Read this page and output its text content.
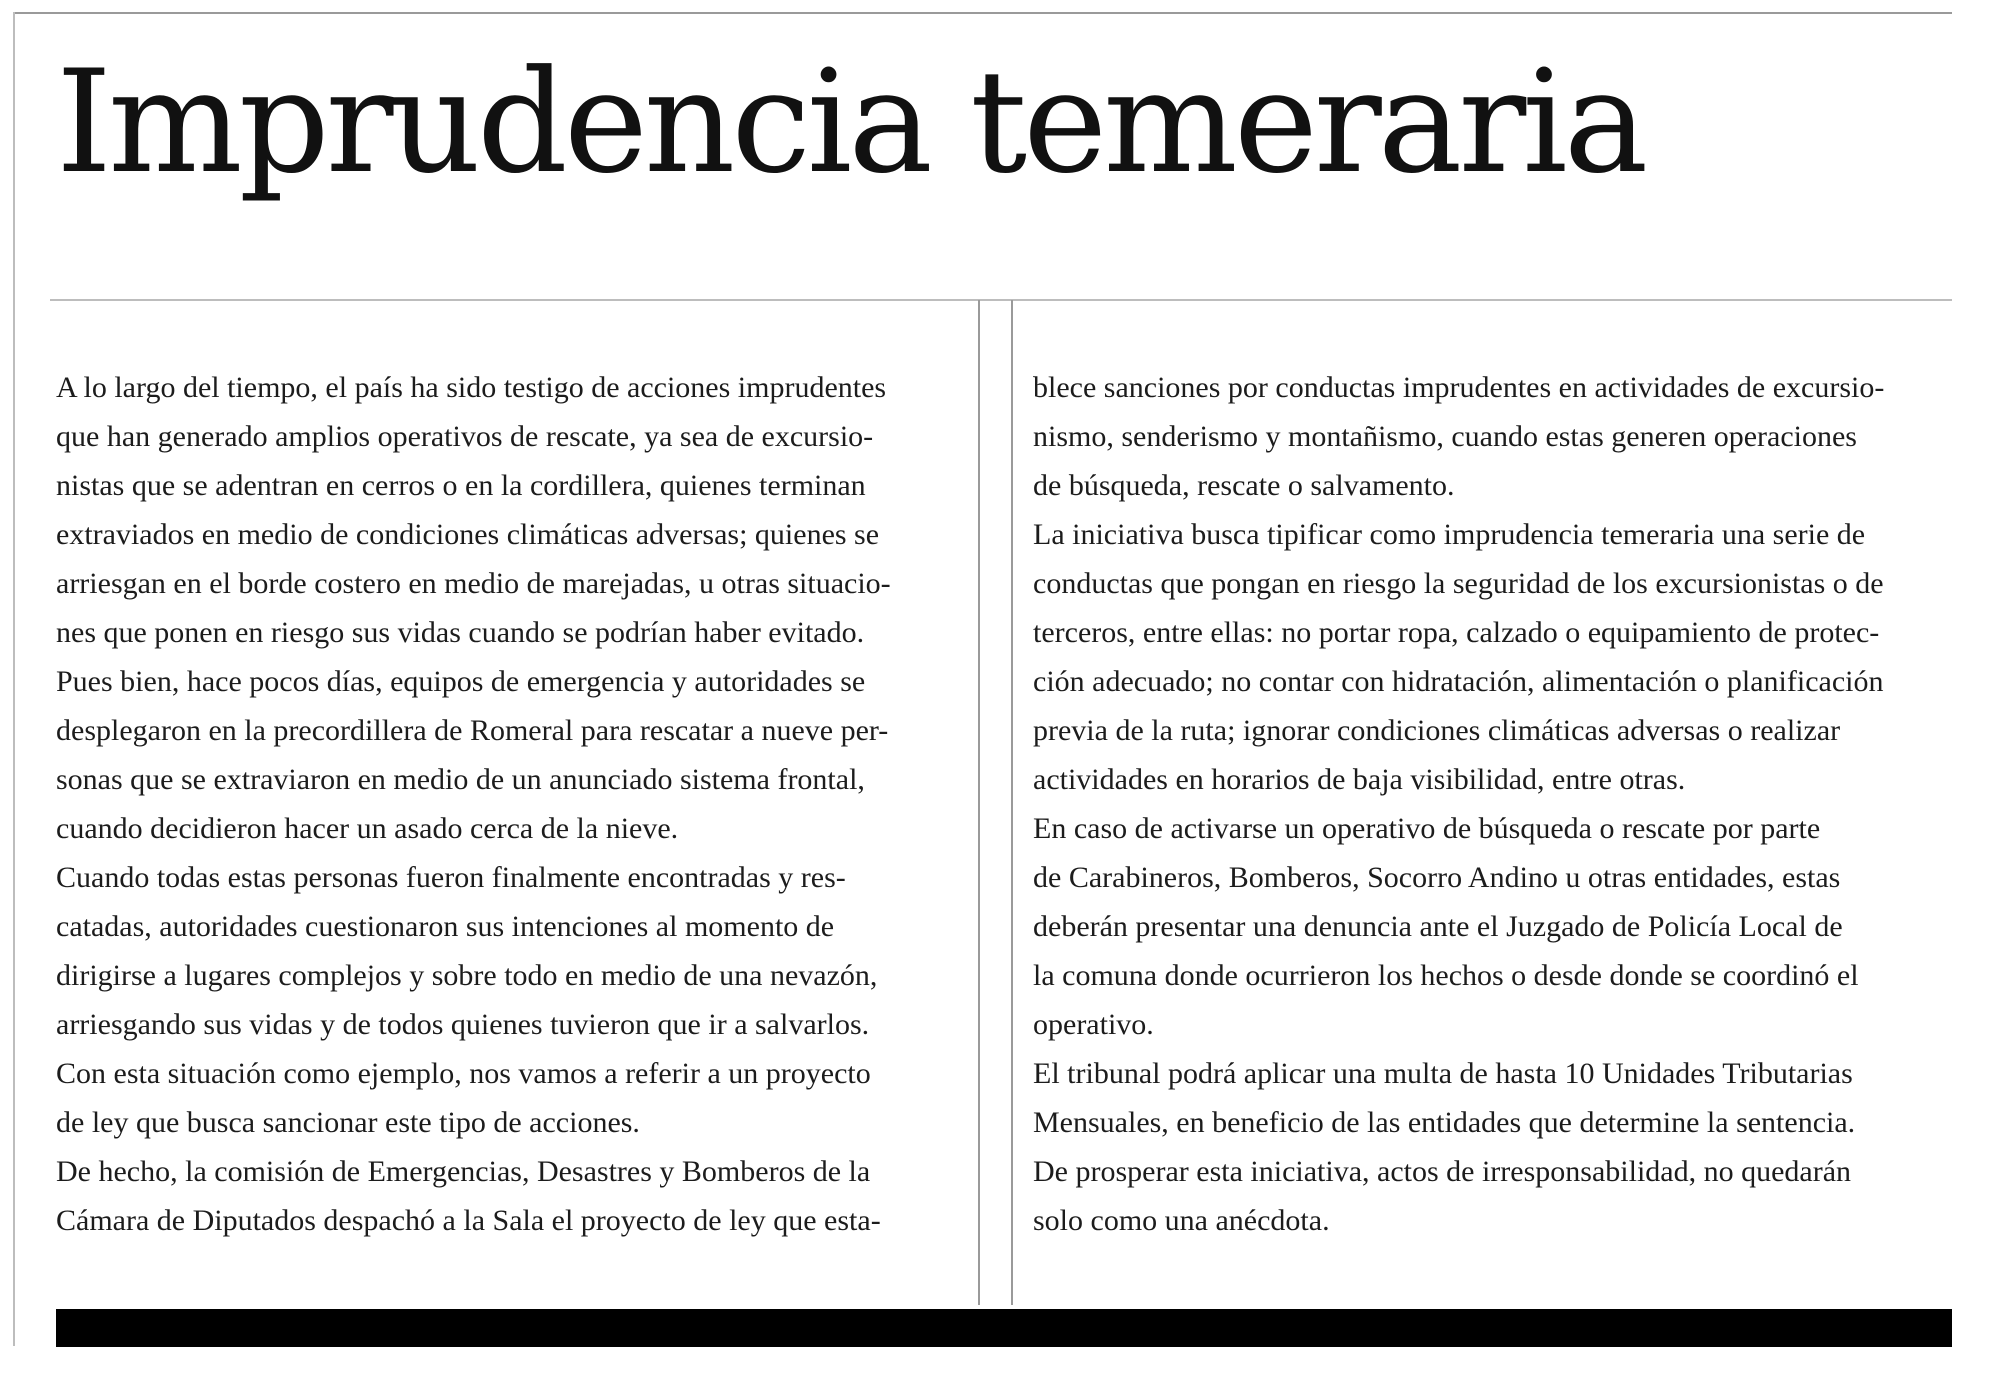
Imprudencia temeraria
A lo largo del tiempo, el país ha sido testigo de acciones imprudentes
que han generado amplios operativos de rescate, ya sea de excursio-
nistas que se adentran en cerros o en la cordillera, quienes terminan
extraviados en medio de condiciones climáticas adversas; quienes se
arriesgan en el borde costero en medio de marejadas, u otras situacio-
nes que ponen en riesgo sus vidas cuando se podrían haber evitado.
Pues bien, hace pocos días, equipos de emergencia y autoridades se
desplegaron en la precordillera de Romeral para rescatar a nueve per-
sonas que se extraviaron en medio de un anunciado sistema frontal,
cuando decidieron hacer un asado cerca de la nieve.
Cuando todas estas personas fueron finalmente encontradas y res-
catadas, autoridades cuestionaron sus intenciones al momento de
dirigirse a lugares complejos y sobre todo en medio de una nevazón,
arriesgando sus vidas y de todos quienes tuvieron que ir a salvarlos.
Con esta situación como ejemplo, nos vamos a referir a un proyecto
de ley que busca sancionar este tipo de acciones.
De hecho, la comisión de Emergencias, Desastres y Bomberos de la
Cámara de Diputados despachó a la Sala el proyecto de ley que esta-
blece sanciones por conductas imprudentes en actividades de excursio-
nismo, senderismo y montañismo, cuando estas generen operaciones
de búsqueda, rescate o salvamento.
La iniciativa busca tipificar como imprudencia temeraria una serie de
conductas que pongan en riesgo la seguridad de los excursionistas o de
terceros, entre ellas: no portar ropa, calzado o equipamiento de protec-
ción adecuado; no contar con hidratación, alimentación o planificación
previa de la ruta; ignorar condiciones climáticas adversas o realizar
actividades en horarios de baja visibilidad, entre otras.
En caso de activarse un operativo de búsqueda o rescate por parte
de Carabineros, Bomberos, Socorro Andino u otras entidades, estas
deberán presentar una denuncia ante el Juzgado de Policía Local de
la comuna donde ocurrieron los hechos o desde donde se coordinó el
operativo.
El tribunal podrá aplicar una multa de hasta 10 Unidades Tributarias
Mensuales, en beneficio de las entidades que determine la sentencia.
De prosperar esta iniciativa, actos de irresponsabilidad, no quedarán
solo como una anécdota.
